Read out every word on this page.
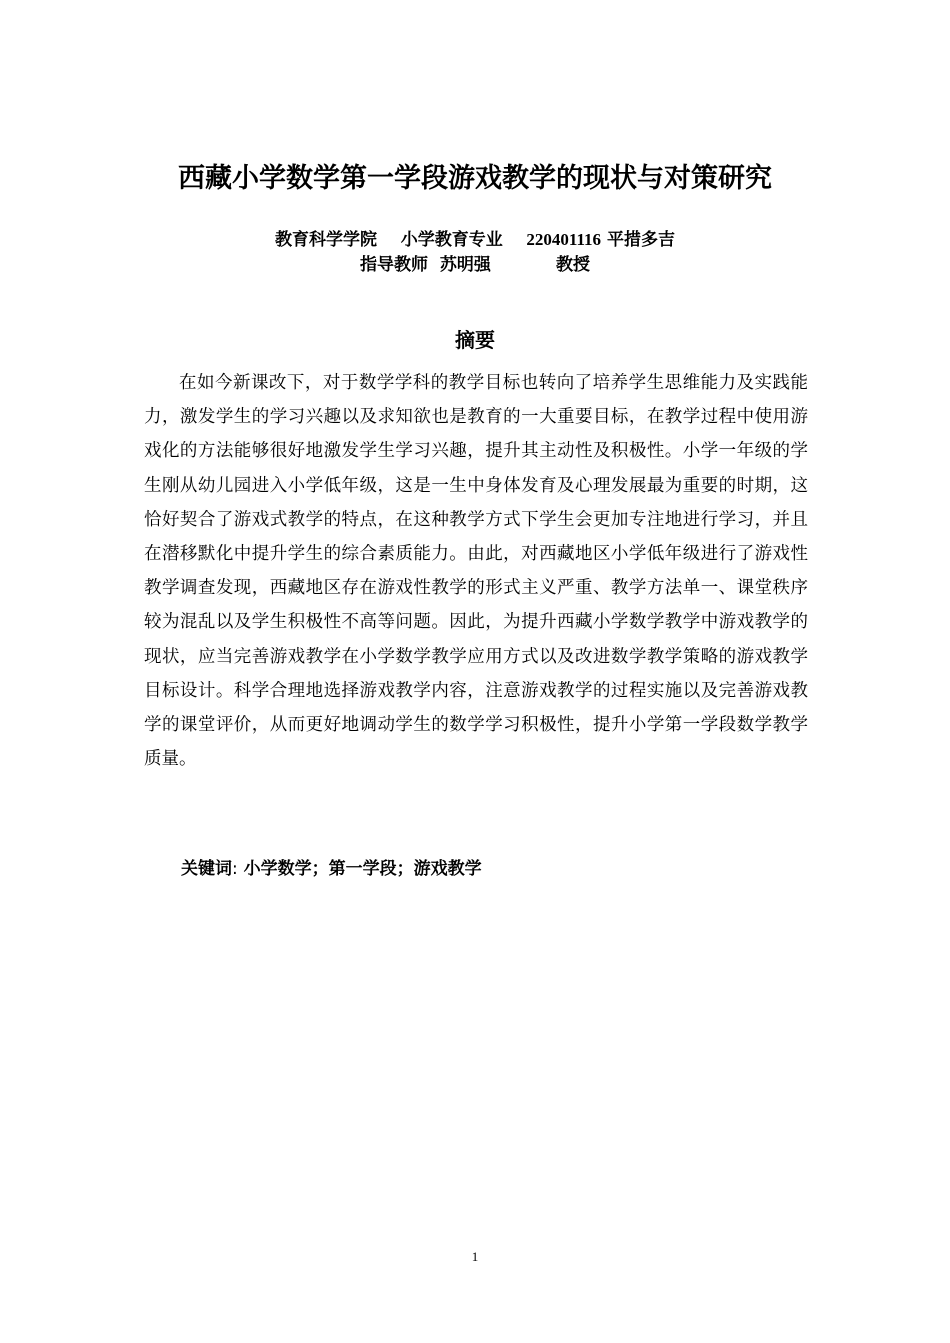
西藏小学数学第一学段游戏教学的现状与对策研究
教育科学学院 小学教育专业 220401116 平措多吉
指导教师 苏明强	教授
摘要

在如今新课改下，对于数学学科的教学目标也转向了培养学生思维能力及实践能力，激发学生的学习兴趣以及求知欲也是教育的一大重要目标，在教学过程中使用游戏化的方法能够很好地激发学生学习兴趣，提升其主动性及积极性。小学一年级的学生刚从幼儿园进入小学低年级，这是一生中身体发育及心理发展最为重要的时期，这恰好契合了游戏式教学的特点，在这种教学方式下学生会更加专注地进行学习，并且在潜移默化中提升学生的综合素质能力。由此，对西藏地区小学低年级进行了游戏性教学调查发现，西藏地区存在游戏性教学的形式主义严重、教学方法单一、课堂秩序较为混乱以及学生积极性不高等问题。因此，为提升西藏小学数学教学中游戏教学的现状，应当完善游戏教学在小学数学教学应用方式以及改进数学教学策略的游戏教学目标设计。科学合理地选择游戏教学内容，注意游戏教学的过程实施以及完善游戏教学的课堂评价，从而更好地调动学生的数学学习积极性，提升小学第一学段数学教学质量。

关键词: 小学数学；第一学段；游戏教学
1
